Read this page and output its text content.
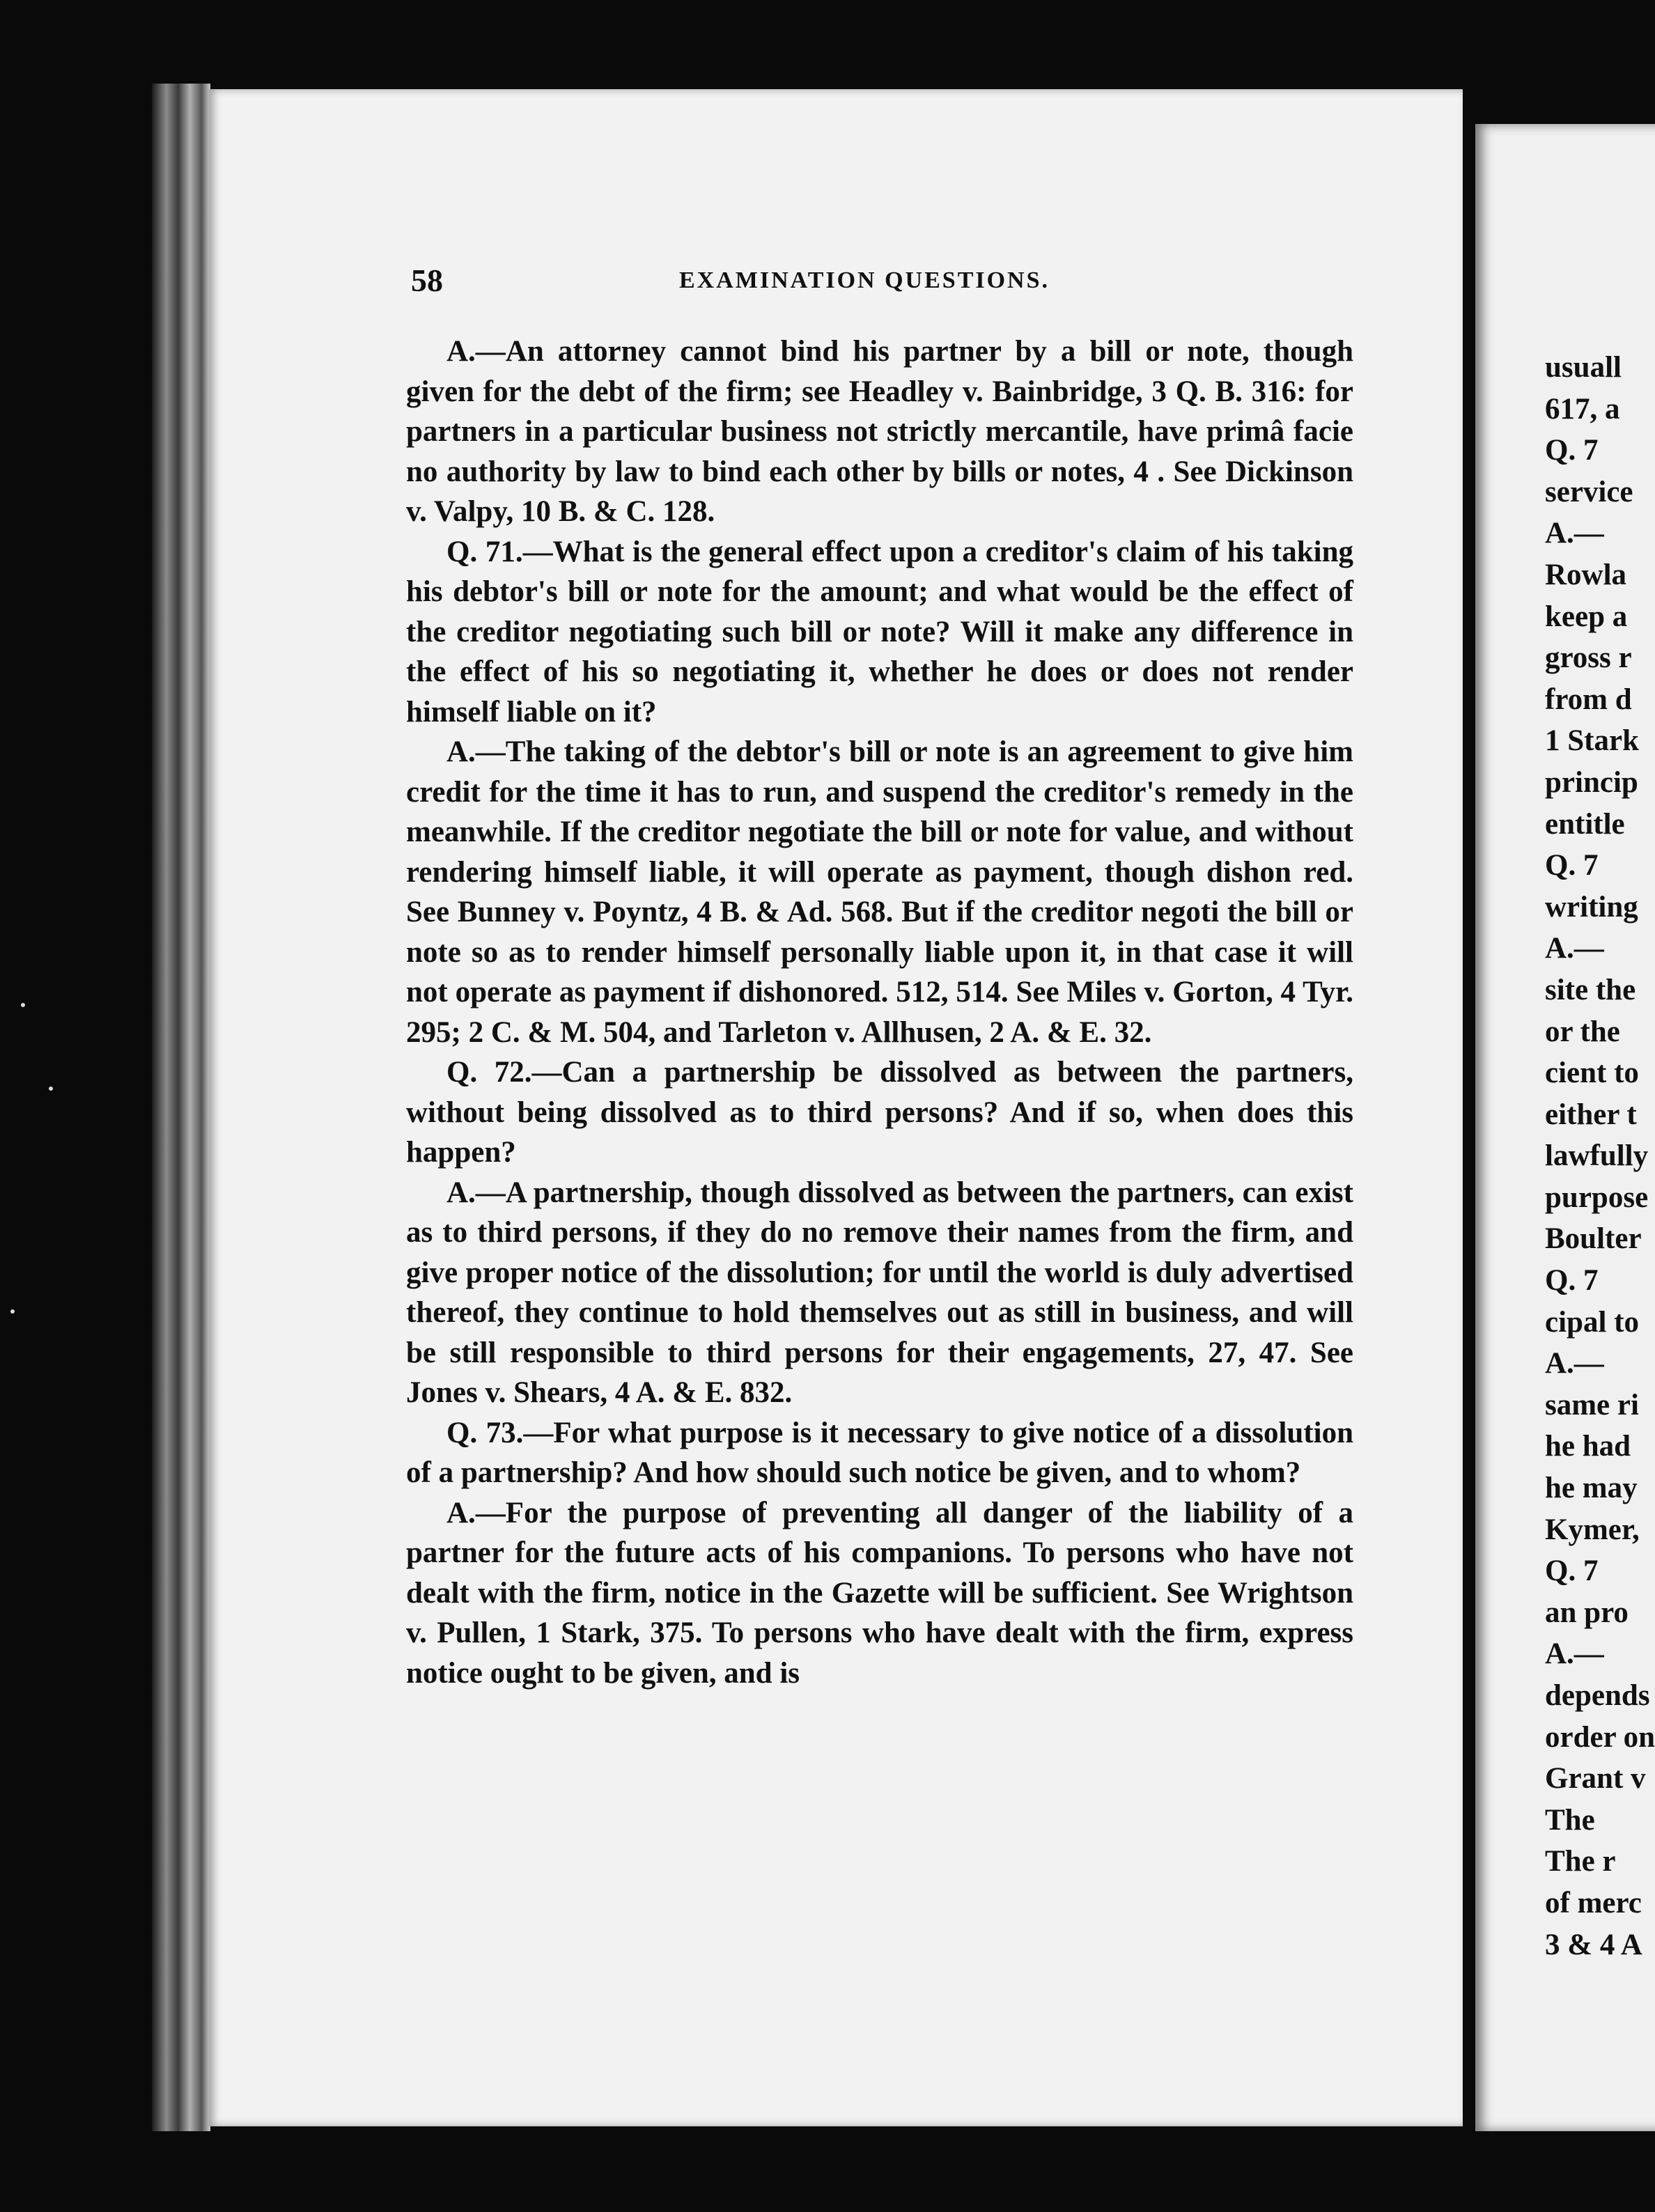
58	EXAMINATION QUESTIONS.

A.—An attorney cannot bind his partner by a bill or note, though given for the debt of the firm; see Headley v. Bainbridge, 3 Q. B. 316: for partners in a particular business not strictly mercantile, have primâ facie no authority by law to bind each other by bills or notes, 4 . See Dickinson v. Valpy, 10 B. & C. 128.

Q. 71.—What is the general effect upon a creditor's claim of his taking his debtor's bill or note for the amount; and what would be the effect of the creditor negotiating such bill or note? Will it make any difference in the effect of his so negotiating it, whether he does or does not render himself liable on it?

A.—The taking of the debtor's bill or note is an agreement to give him credit for the time it has to run, and suspend the creditor's remedy in the meanwhile. If the creditor negotiate the bill or note for value, and without rendering himself liable, it will operate as payment, though dishon red. See Bunney v. Poyntz, 4 B. & Ad. 568. But if the creditor negoti the bill or note so as to render himself personally liable upon it, in that case it will not operate as payment if dishonored. 512, 514. See Miles v. Gorton, 4 Tyr. 295; 2 C. & M. 504, and Tarleton v. Allhusen, 2 A. & E. 32.

Q. 72.—Can a partnership be dissolved as between the partners, without being dissolved as to third persons? And if so, when does this happen?

A.—A partnership, though dissolved as between the partners, can exist as to third persons, if they do no remove their names from the firm, and give proper notice of the dissolution; for until the world is duly advertised thereof, they continue to hold themselves out as still in business, and will be still responsible to third persons for their engagements, 27, 47. See Jones v. Shears, 4 A. & E. 832.

Q. 73.—For what purpose is it necessary to give notice of a dissolution of a partnership? And how should such notice be given, and to whom?

A.—For the purpose of preventing all danger of the liability of a partner for the future acts of his companions. To persons who have not dealt with the firm, notice in the Gazette will be sufficient. See Wrightson v. Pullen, 1 Stark, 375. To persons who have dealt with the firm, express notice ought to be given, and is

usuall
617, a
Q. 7
service
A.—
Rowla
keep a
gross r
from d
1 Stark
princip
entitle
Q. 7
writing
A.—
site the
or the
cient to
either t
lawfully
purpose
Boulter
Q. 7
cipal to
A.—
same ri
he had
he may
Kymer,
Q. 7
an pro
A.—
depends
order on
Grant v
The
The r
of merc
3 & 4 A
